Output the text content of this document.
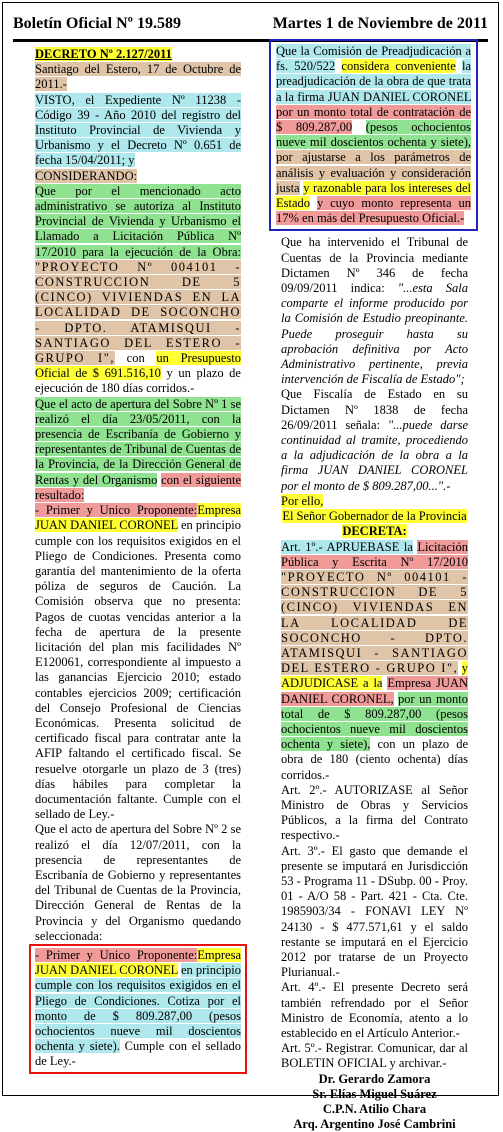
Boletín Oficial Nº 19.589	Martes 1 de Noviembre de 2011

DECRETO Nº 2.127/2011

Santiago del Estero, 17 de Octubre de 2011.-

VISTO, el Expediente Nº 11238 - Código 39 - Año 2010 del registro del Instituto Provincial de Vivienda y Urbanismo y el Decreto Nº 0.651 de fecha 15/04/2011; y

CONSIDERANDO:

Que por el mencionado acto administrativo se autoriza al Instituto Provincial de Vivienda y Urbanismo el Llamado a Licitación Pública Nº 17/2010 para la ejecución de la Obra: "PROYECTO Nº 004101 - CONSTRUCCION DE 5 (CINCO) VIVIENDAS EN LA LOCALIDAD DE SOCONCHO - DPTO. ATAMISQUI - SANTIAGO DEL ESTERO - GRUPO I", con un Presupuesto Oficial de $ 691.516,10 y un plazo de ejecución de 180 días corridos.-

Que el acto de apertura del Sobre Nº 1 se realizó el día 23/05/2011, con la presencia de Escribanía de Gobierno y representantes de Tribunal de Cuentas de la Provincia, de la Dirección General de Rentas y del Organismo con el siguiente resultado:

- Primer y Unico Proponente:Empresa JUAN DANIEL CORONEL en principio cumple con los requisitos exigidos en el Pliego de Condiciones. Presenta como garantía del mantenimiento de la oferta póliza de seguros de Caución. La Comisión observa que no presenta: Pagos de cuotas vencidas anterior a la fecha de apertura de la presente licitación del plan mis facilidades Nº E120061, correspondiente al impuesto a las ganancias Ejercicio 2010; estado contables ejercicios 2009; certificación del Consejo Profesional de Ciencias Económicas. Presenta solicitud de certificado fiscal para contratar ante la AFIP faltando el certificado fiscal. Se resuelve otorgarle un plazo de 3 (tres) días hábiles para completar la documentación faltante. Cumple con el sellado de Ley.-

Que el acto de apertura del Sobre Nº 2 se realizó el día 12/07/2011, con la presencia de representantes de Escribanía de Gobierno y representantes del Tribunal de Cuentas de la Provincia, Dirección General de Rentas de la Provincia y del Organismo quedando seleccionada:

- Primer y Unico Proponente:Empresa JUAN DANIEL CORONEL en principio cumple con los requisitos exigidos en el Pliego de Condiciones. Cotiza por el monto de $ 809.287,00 (pesos ochocientos nueve mil doscientos ochenta y siete). Cumple con el sellado de Ley.-

Que la Comisión de Preadjudicación a fs. 520/522 considera conveniente la preadjudicación de la obra de que trata a la firma JUAN DANIEL CORONEL por un monto total de contratación de $ 809.287,00 (pesos ochocientos nueve mil doscientos ochenta y siete), por ajustarse a los parámetros de análisis y evaluación y consideración justa y razonable para los intereses del Estado y cuyo monto representa un 17% en más del Presupuesto Oficial.-

Que ha intervenido el Tribunal de Cuentas de la Provincia mediante Dictamen Nº 346 de fecha 09/09/2011 indica: "...esta Sala comparte el informe producido por la Comisión de Estudio preopinante. Puede proseguir hasta su aprobación definitiva por Acto Administrativo pertinente, previa intervención de Fiscalía de Estado";

Que Fiscalía de Estado en su Dictamen Nº 1838 de fecha 26/09/2011 señala: "...puede darse continuidad al tramite, procediendo a la adjudicación de la obra a la firma JUAN DANIEL CORONEL por el monto de $ 809.287,00...".-

Por ello,

El Señor Gobernador de la Provincia

DECRETA:

Art. 1º.- APRUEBASE la Licitación Pública y Escrita Nº 17/2010 "PROYECTO Nº 004101 - CONSTRUCCION DE 5 (CINCO) VIVIENDAS EN LA LOCALIDAD DE SOCONCHO - DPTO. ATAMISQUI - SANTIAGO DEL ESTERO - GRUPO I", y ADJUDICASE a la Empresa JUAN DANIEL CORONEL, por un monto total de $ 809.287,00 (pesos ochocientos nueve mil doscientos ochenta y siete), con un plazo de obra de 180 (ciento ochenta) días corridos.-

Art. 2º.- AUTORIZASE al Señor Ministro de Obras y Servicios Públicos, a la firma del Contrato respectivo.-

Art. 3º.- El gasto que demande el presente se imputará en Jurisdicción 53 - Programa 11 - DSubp. 00 - Proy. 01 - A/O 58 - Part. 421 - Cta. Cte. 1985903/34 - FONAVI LEY Nº 24130 - $ 477.571,61 y el saldo restante se imputará en el Ejercicio 2012 por tratarse de un Proyecto Plurianual.-

Art. 4º.- El presente Decreto será también refrendado por el Señor Ministro de Economía, atento a lo establecido en el Artículo Anterior.-

Art. 5º.- Registrar. Comunicar, dar al BOLETIN OFICIAL y archivar.-

Dr. Gerardo Zamora

Sr. Elías Miguel Suárez

C.P.N. Atilio Chara

Arq. Argentino José Cambrini
